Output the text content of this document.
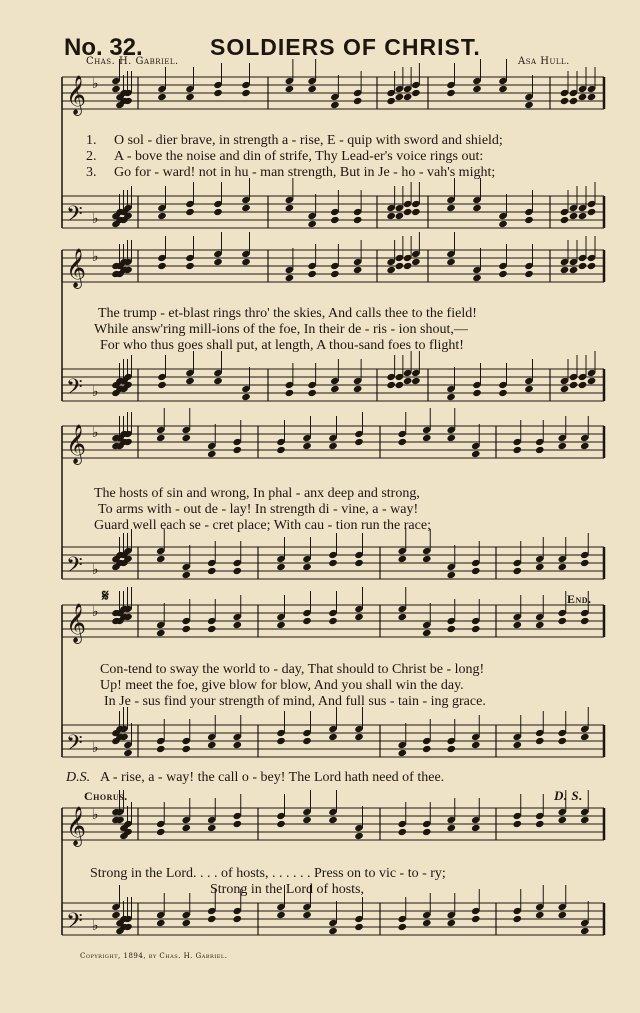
No. 32.	SOLDIERS OF CHRIST.
Chas. H. Gabriel.	Asa Hull.
𝄞 ♭
𝄢 ♭
𝄞 ♭
𝄢 ♭
𝄞 ♭
𝄢 ♭
𝄞 ♭
𝄢 ♭
𝄞 ♭
𝄢 ♭
1.
2.
3.
O sol - dier brave, in strength a - rise, E - quip with sword and shield;
A - bove the noise and din of strife, Thy Lead-er's voice rings out:
Go for - ward! not in hu - man strength, But in Je - ho - vah's might;
The trump - et-blast rings thro' the skies, And calls thee to the field!
While answ'ring mill-ions of the foe, In their de - ris - ion shout,—
For who thus goes shall put, at length, A thou-sand foes to flight!
The hosts of sin and wrong, In phal - anx deep and strong,
To arms with - out de - lay! In strength di - vine, a - way!
Guard well each se - cret place; With cau - tion run the race;
𝄋	End.
Con-tend to sway the world to - day, That should to Christ be - long!
Up! meet the foe, give blow for blow, And you shall win the day.
In Je - sus find your strength of mind, And full sus - tain - ing grace.
D.S. A - rise, a - way! the call o - bey! The Lord hath need of thee.
Chorus.	D. S.
Strong in the Lord. . . . of hosts, . . . . . . Press on to vic - to - ry;
Strong in the Lord of hosts,
Copyright, 1894, by Chas. H. Gabriel.
